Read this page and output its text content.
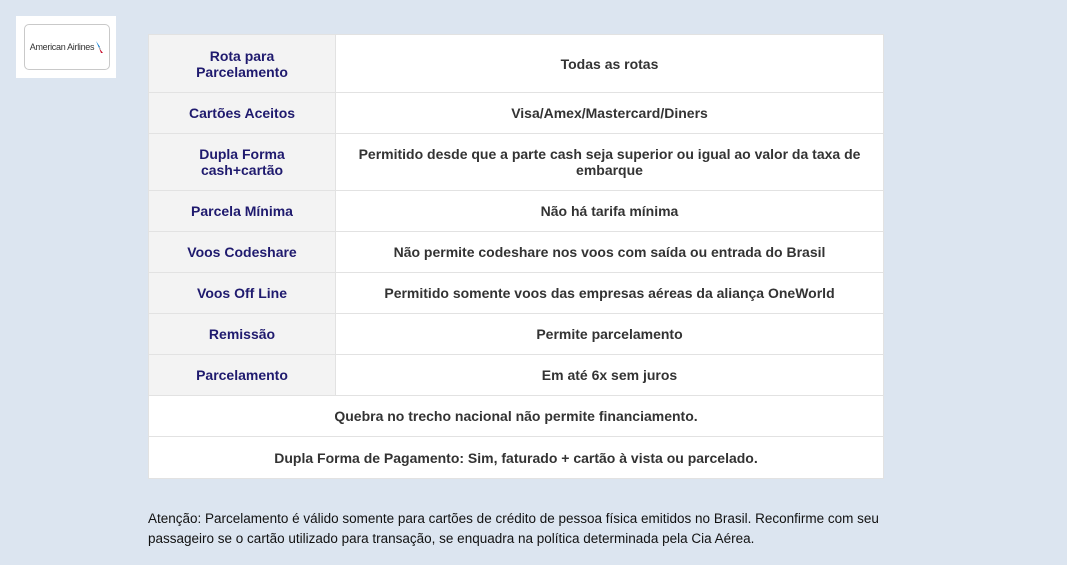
American Airlines
Rota para Parcelamento	Todas as rotas
Cartões Aceitos	Visa/Amex/Mastercard/Diners
Dupla Forma cash+cartão	Permitido desde que a parte cash seja superior ou igual ao valor da taxa de embarque
Parcela Mínima	Não há tarifa mínima
Voos Codeshare	Não permite codeshare nos voos com saída ou entrada do Brasil
Voos Off Line	Permitido somente voos das empresas aéreas da aliança OneWorld
Remissão	Permite parcelamento
Parcelamento	Em até 6x sem juros
Quebra no trecho nacional não permite financiamento.	
Dupla Forma de Pagamento: Sim, faturado + cartão à vista ou parcelado.	
Atenção: Parcelamento é válido somente para cartões de crédito de pessoa física emitidos no Brasil. Reconfirme com seu passageiro se o cartão utilizado para transação, se enquadra na política determinada pela Cia Aérea.
